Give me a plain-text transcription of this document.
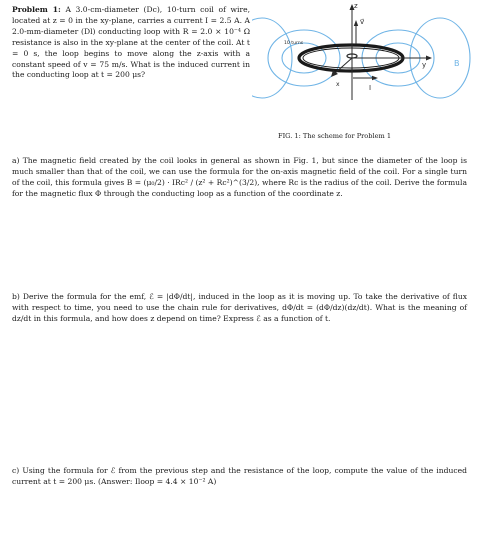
Problem 1: A 3.0-cm-diameter (Dc), 10-turn coil of wire, located at z = 0 in the xy-plane, carries a current I = 2.5 A. A 2.0-mm-diameter (Dl) conducting loop with R = 2.0 × 10⁻⁴ Ω resistance is also in the xy-plane at the center of the coil. At t = 0 s, the loop begins to move along the z-axis with a constant speed of v = 75 m/s. What is the induced current in the conducting loop at t = 200 μs?
z
v⃗
10 turns
y
x	I
B
FIG. 1: The scheme for Problem 1
a) The magnetic field created by the coil looks in general as shown in Fig. 1, but since the diameter of the loop is much smaller than that of the coil, we can use the formula for the on-axis magnetic field of the coil. For a single turn of the coil, this formula gives B = (μ₀/2) · IRc² / (z² + Rc²)^(3/2), where Rc is the radius of the coil. Derive the formula for the magnetic flux Φ through the conducting loop as a function of the coordinate z.
b) Derive the formula for the emf, ℰ = |dΦ/dt|, induced in the loop as it is moving up. To take the derivative of flux with respect to time, you need to use the chain rule for derivatives, dΦ/dt = (dΦ/dz)(dz/dt). What is the meaning of dz/dt in this formula, and how does z depend on time? Express ℰ as a function of t.
c) Using the formula for ℰ from the previous step and the resistance of the loop, compute the value of the induced current at t = 200 μs. (Answer: Iloop = 4.4 × 10⁻² A)
